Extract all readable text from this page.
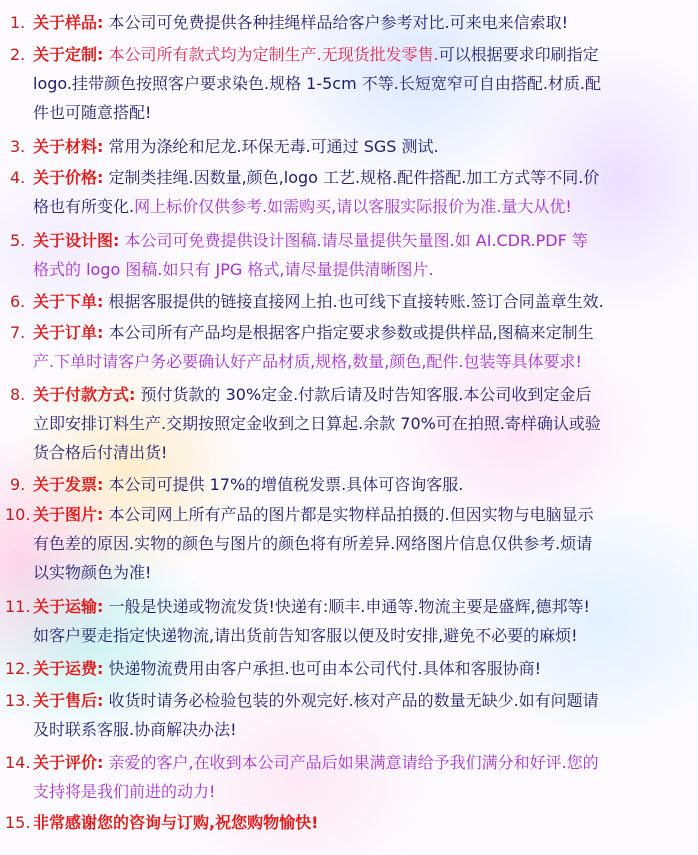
1. 关于样品: 本公司可免费提供各种挂绳样品给客户参考对比.可来电来信索取!
2. 关于定制: 本公司所有款式均为定制生产.无现货批发零售.可以根据要求印刷指定
logo.挂带颜色按照客户要求染色.规格 1-5cm 不等.长短宽窄可自由搭配.材质.配
件也可随意搭配!
3. 关于材料: 常用为涤纶和尼龙.环保无毒.可通过 SGS 测试.
4. 关于价格: 定制类挂绳.因数量,颜色,logo 工艺.规格.配件搭配.加工方式等不同.价
格也有所变化.网上标价仅供参考.如需购买,请以客服实际报价为准.量大从优!
5. 关于设计图: 本公司可免费提供设计图稿.请尽量提供矢量图.如 AI.CDR.PDF 等
格式的 logo 图稿.如只有 JPG 格式,请尽量提供清晰图片.
6. 关于下单: 根据客服提供的链接直接网上拍.也可线下直接转账.签订合同盖章生效.
7. 关于订单: 本公司所有产品均是根据客户指定要求参数或提供样品,图稿来定制生
产.下单时请客户务必要确认好产品材质,规格,数量,颜色,配件.包装等具体要求!
8. 关于付款方式: 预付货款的 30%定金.付款后请及时告知客服.本公司收到定金后
立即安排订料生产.交期按照定金收到之日算起.余款 70%可在拍照.寄样确认或验
货合格后付清出货!
9. 关于发票: 本公司可提供 17%的增值税发票.具体可咨询客服.
10. 关于图片: 本公司网上所有产品的图片都是实物样品拍摄的.但因实物与电脑显示
有色差的原因.实物的颜色与图片的颜色将有所差异.网络图片信息仅供参考.烦请
以实物颜色为准!
11. 关于运输: 一般是快递或物流发货!快递有:顺丰.申通等.物流主要是盛辉,德邦等!
如客户要走指定快递物流,请出货前告知客服以便及时安排,避免不必要的麻烦!
12. 关于运费: 快递物流费用由客户承担.也可由本公司代付.具体和客服协商!
13. 关于售后: 收货时请务必检验包装的外观完好.核对产品的数量无缺少.如有问题请
及时联系客服.协商解决办法!
14. 关于评价: 亲爱的客户,在收到本公司产品后如果满意请给予我们满分和好评.您的
支持将是我们前进的动力!
15. 非常感谢您的咨询与订购,祝您购物愉快!
